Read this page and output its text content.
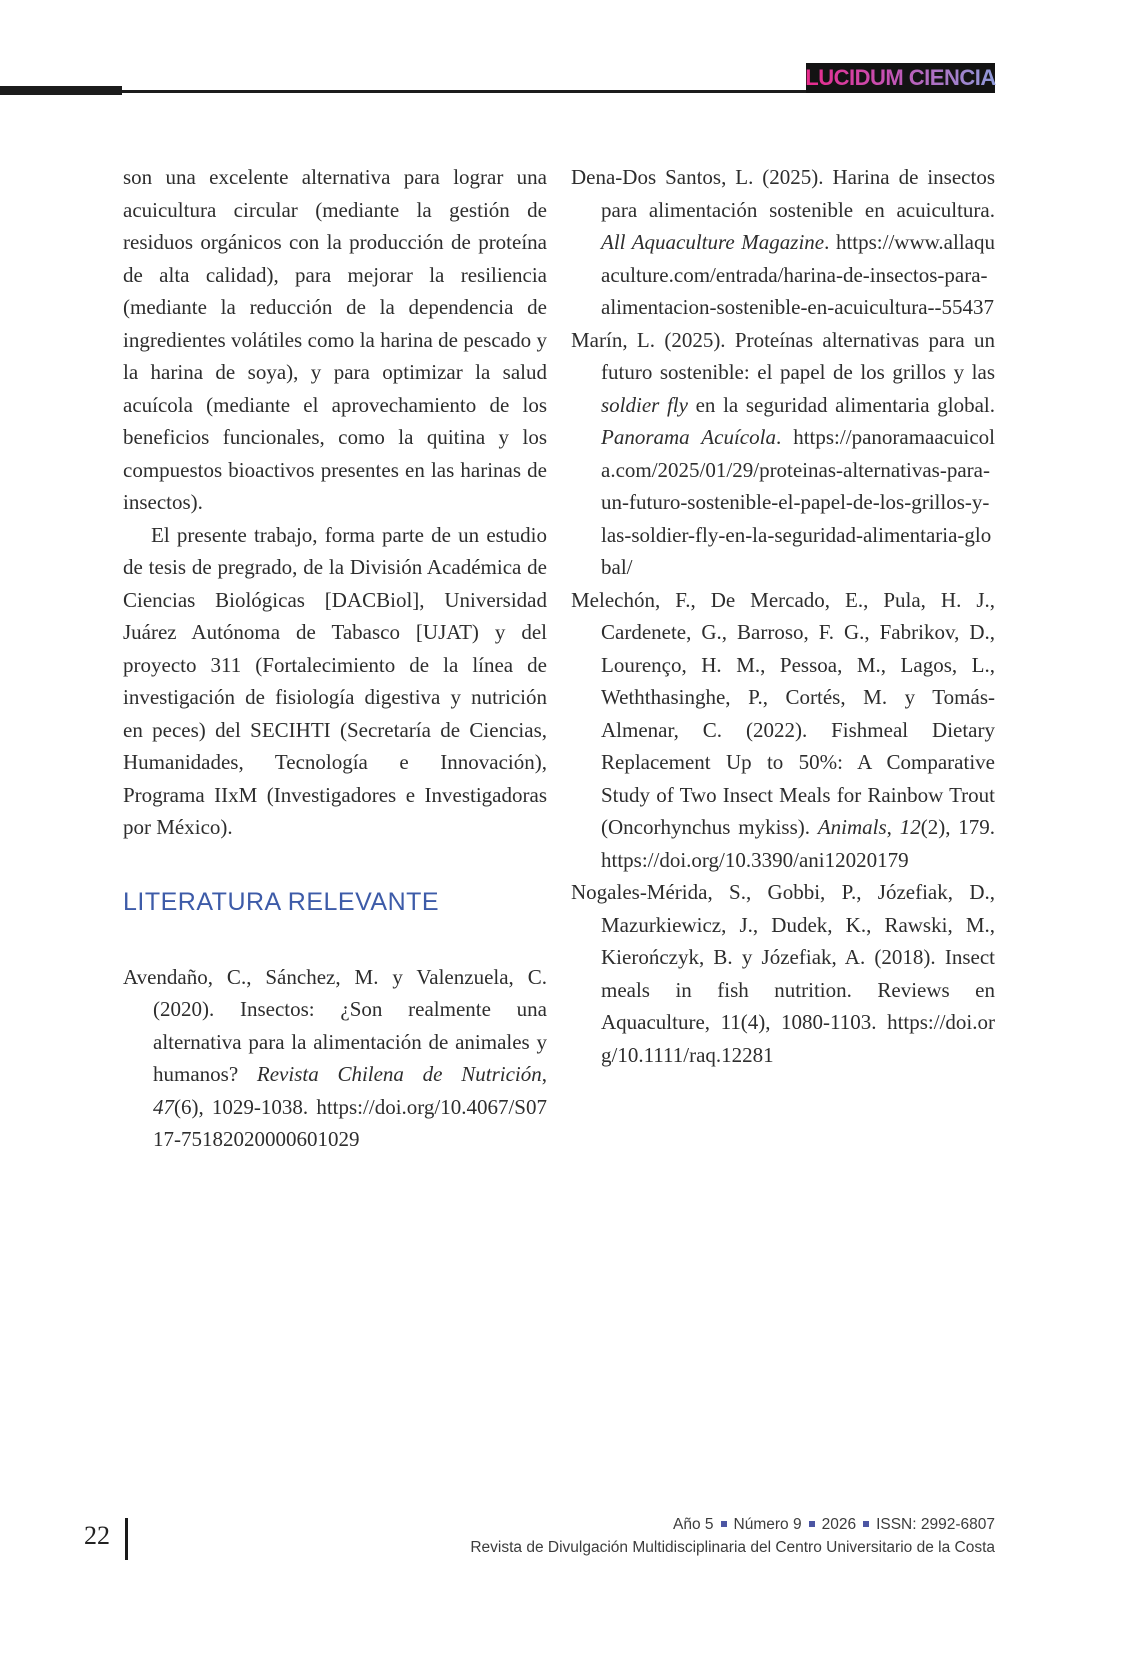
LUCIDUM CIENCIA

son una excelente alternativa para lograr una acuicultura circular (mediante la gestión de residuos orgánicos con la producción de proteína de alta calidad), para mejorar la resiliencia (mediante la reducción de la dependencia de ingredientes volátiles como la harina de pescado y la harina de soya), y para optimizar la salud acuícola (mediante el aprovechamiento de los beneficios funcionales, como la quitina y los compuestos bioactivos presentes en las harinas de insectos).

El presente trabajo, forma parte de un estudio de tesis de pregrado, de la División Académica de Ciencias Biológicas [DACBiol], Universidad Juárez Autónoma de Tabasco [UJAT) y del proyecto 311 (Fortalecimiento de la línea de investigación de fisiología digestiva y nutrición en peces) del SECIHTI (Secretaría de Ciencias, Humanidades, Tecnología e Innovación), Programa IIxM (Investigadores e Investigadoras por México).

LITERATURA RELEVANTE

Avendaño, C., Sánchez, M. y Valenzuela, C. (2020). Insectos: ¿Son realmente una alternativa para la alimentación de animales y humanos? Revista Chilena de Nutrición, 47(6), 1029-1038. https://doi.org/10.4067/S0717-75182020000601029

Dena-Dos Santos, L. (2025). Harina de insectos para alimentación sostenible en acuicultura. All Aquaculture Magazine. https://www.allaquaculture.com/entrada/harina-de-insectos-para-alimentacion-sostenible-en-acuicultura--55437

Marín, L. (2025). Proteínas alternativas para un futuro sostenible: el papel de los grillos y las soldier fly en la seguridad alimentaria global. Panorama Acuícola. https://panoramaacuicola.com/2025/01/29/proteinas-alternativas-para-un-futuro-sostenible-el-papel-de-los-grillos-y-las-soldier-fly-en-la-seguridad-alimentaria-global/

Melechón, F., De Mercado, E., Pula, H. J., Cardenete, G., Barroso, F. G., Fabrikov, D., Lourenço, H. M., Pessoa, M., Lagos, L., Weththasinghe, P., Cortés, M. y Tomás-Almenar, C. (2022). Fishmeal Dietary Replacement Up to 50%: A Comparative Study of Two Insect Meals for Rainbow Trout (Oncorhynchus mykiss). Animals, 12(2), 179. https://doi.org/10.3390/ani12020179

Nogales-Mérida, S., Gobbi, P., Józefiak, D., Mazurkiewicz, J., Dudek, K., Rawski, M., Kierończyk, B. y Józefiak, A. (2018). Insect meals in fish nutrition. Reviews en Aquaculture, 11(4), 1080-1103. https://doi.org/10.1111/raq.12281

22	Año 5 Número 9 2026 ISSN: 2992-6807
Revista de Divulgación Multidisciplinaria del Centro Universitario de la Costa
